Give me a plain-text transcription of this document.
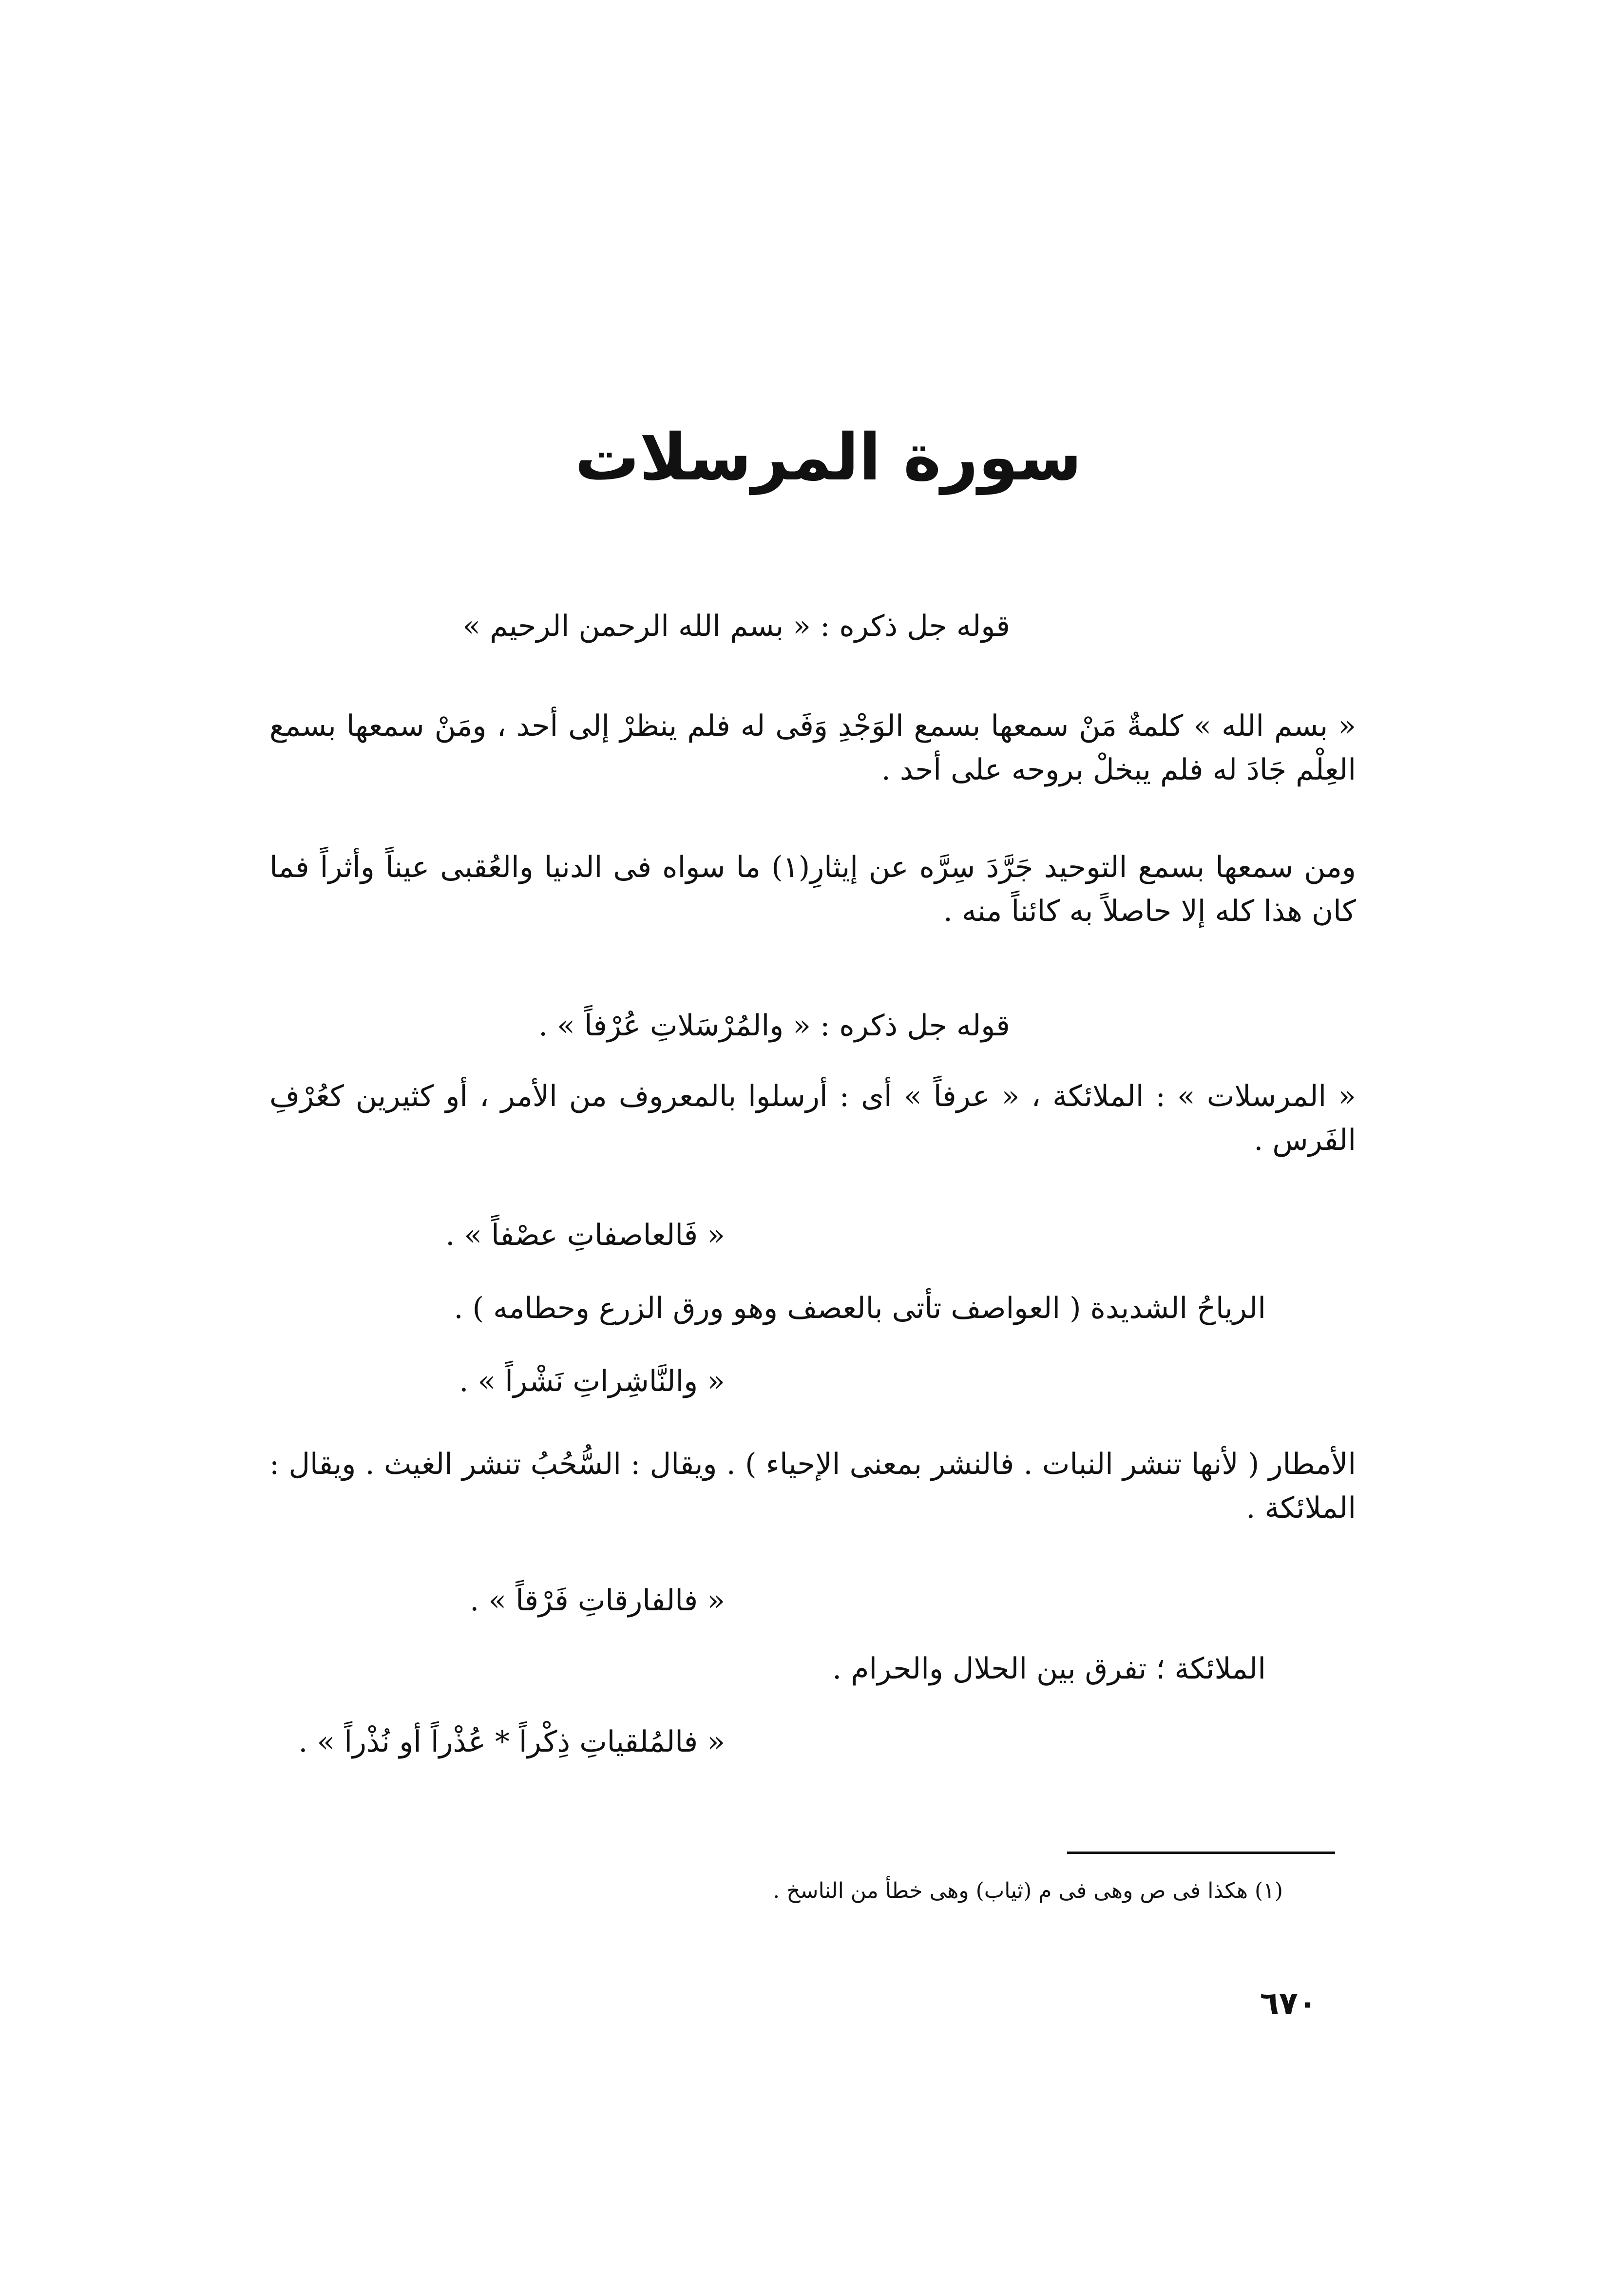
سورة المرسلات
قوله جل ذكره : « بسم الله الرحمن الرحيم »
« بسم الله » كلمةٌ مَنْ سمعها بسمع الوَجْدِ وَفَى له فلم ينظرْ إلى أحد ، ومَنْ سمعها بسمع العِلْم جَادَ له فلم يبخلْ بروحه على أحد .
ومن سمعها بسمع التوحيد جَرَّدَ سِرَّه عن إيثارِ(١) ما سواه فى الدنيا والعُقبى عيناً وأثراً فما كان هذا كله إلا حاصلاً به كائناً منه .
قوله جل ذكره : « والمُرْسَلاتِ عُرْفاً » .
« المرسلات » : الملائكة ، « عرفاً » أى : أرسلوا بالمعروف من الأمر ، أو كثيرين كعُرْفِ الفَرس .
« فَالعاصفاتِ عصْفاً » .
الرياحُ الشديدة ( العواصف تأتى بالعصف وهو ورق الزرع وحطامه ) .
« والنَّاشِراتِ نَشْراً » .
الأمطار ( لأنها تنشر النبات . فالنشر بمعنى الإحياء ) . ويقال : السُّحُبُ تنشر الغيث . ويقال : الملائكة .
« فالفارقاتِ فَرْقاً » .
الملائكة ؛ تفرق بين الحلال والحرام .
« فالمُلقياتِ ذِكْراً * عُذْراً أو نُذْراً » .
(١) هكذا فى ص وهى فى م (ثياب) وهى خطأ من الناسخ .
٦٧٠
